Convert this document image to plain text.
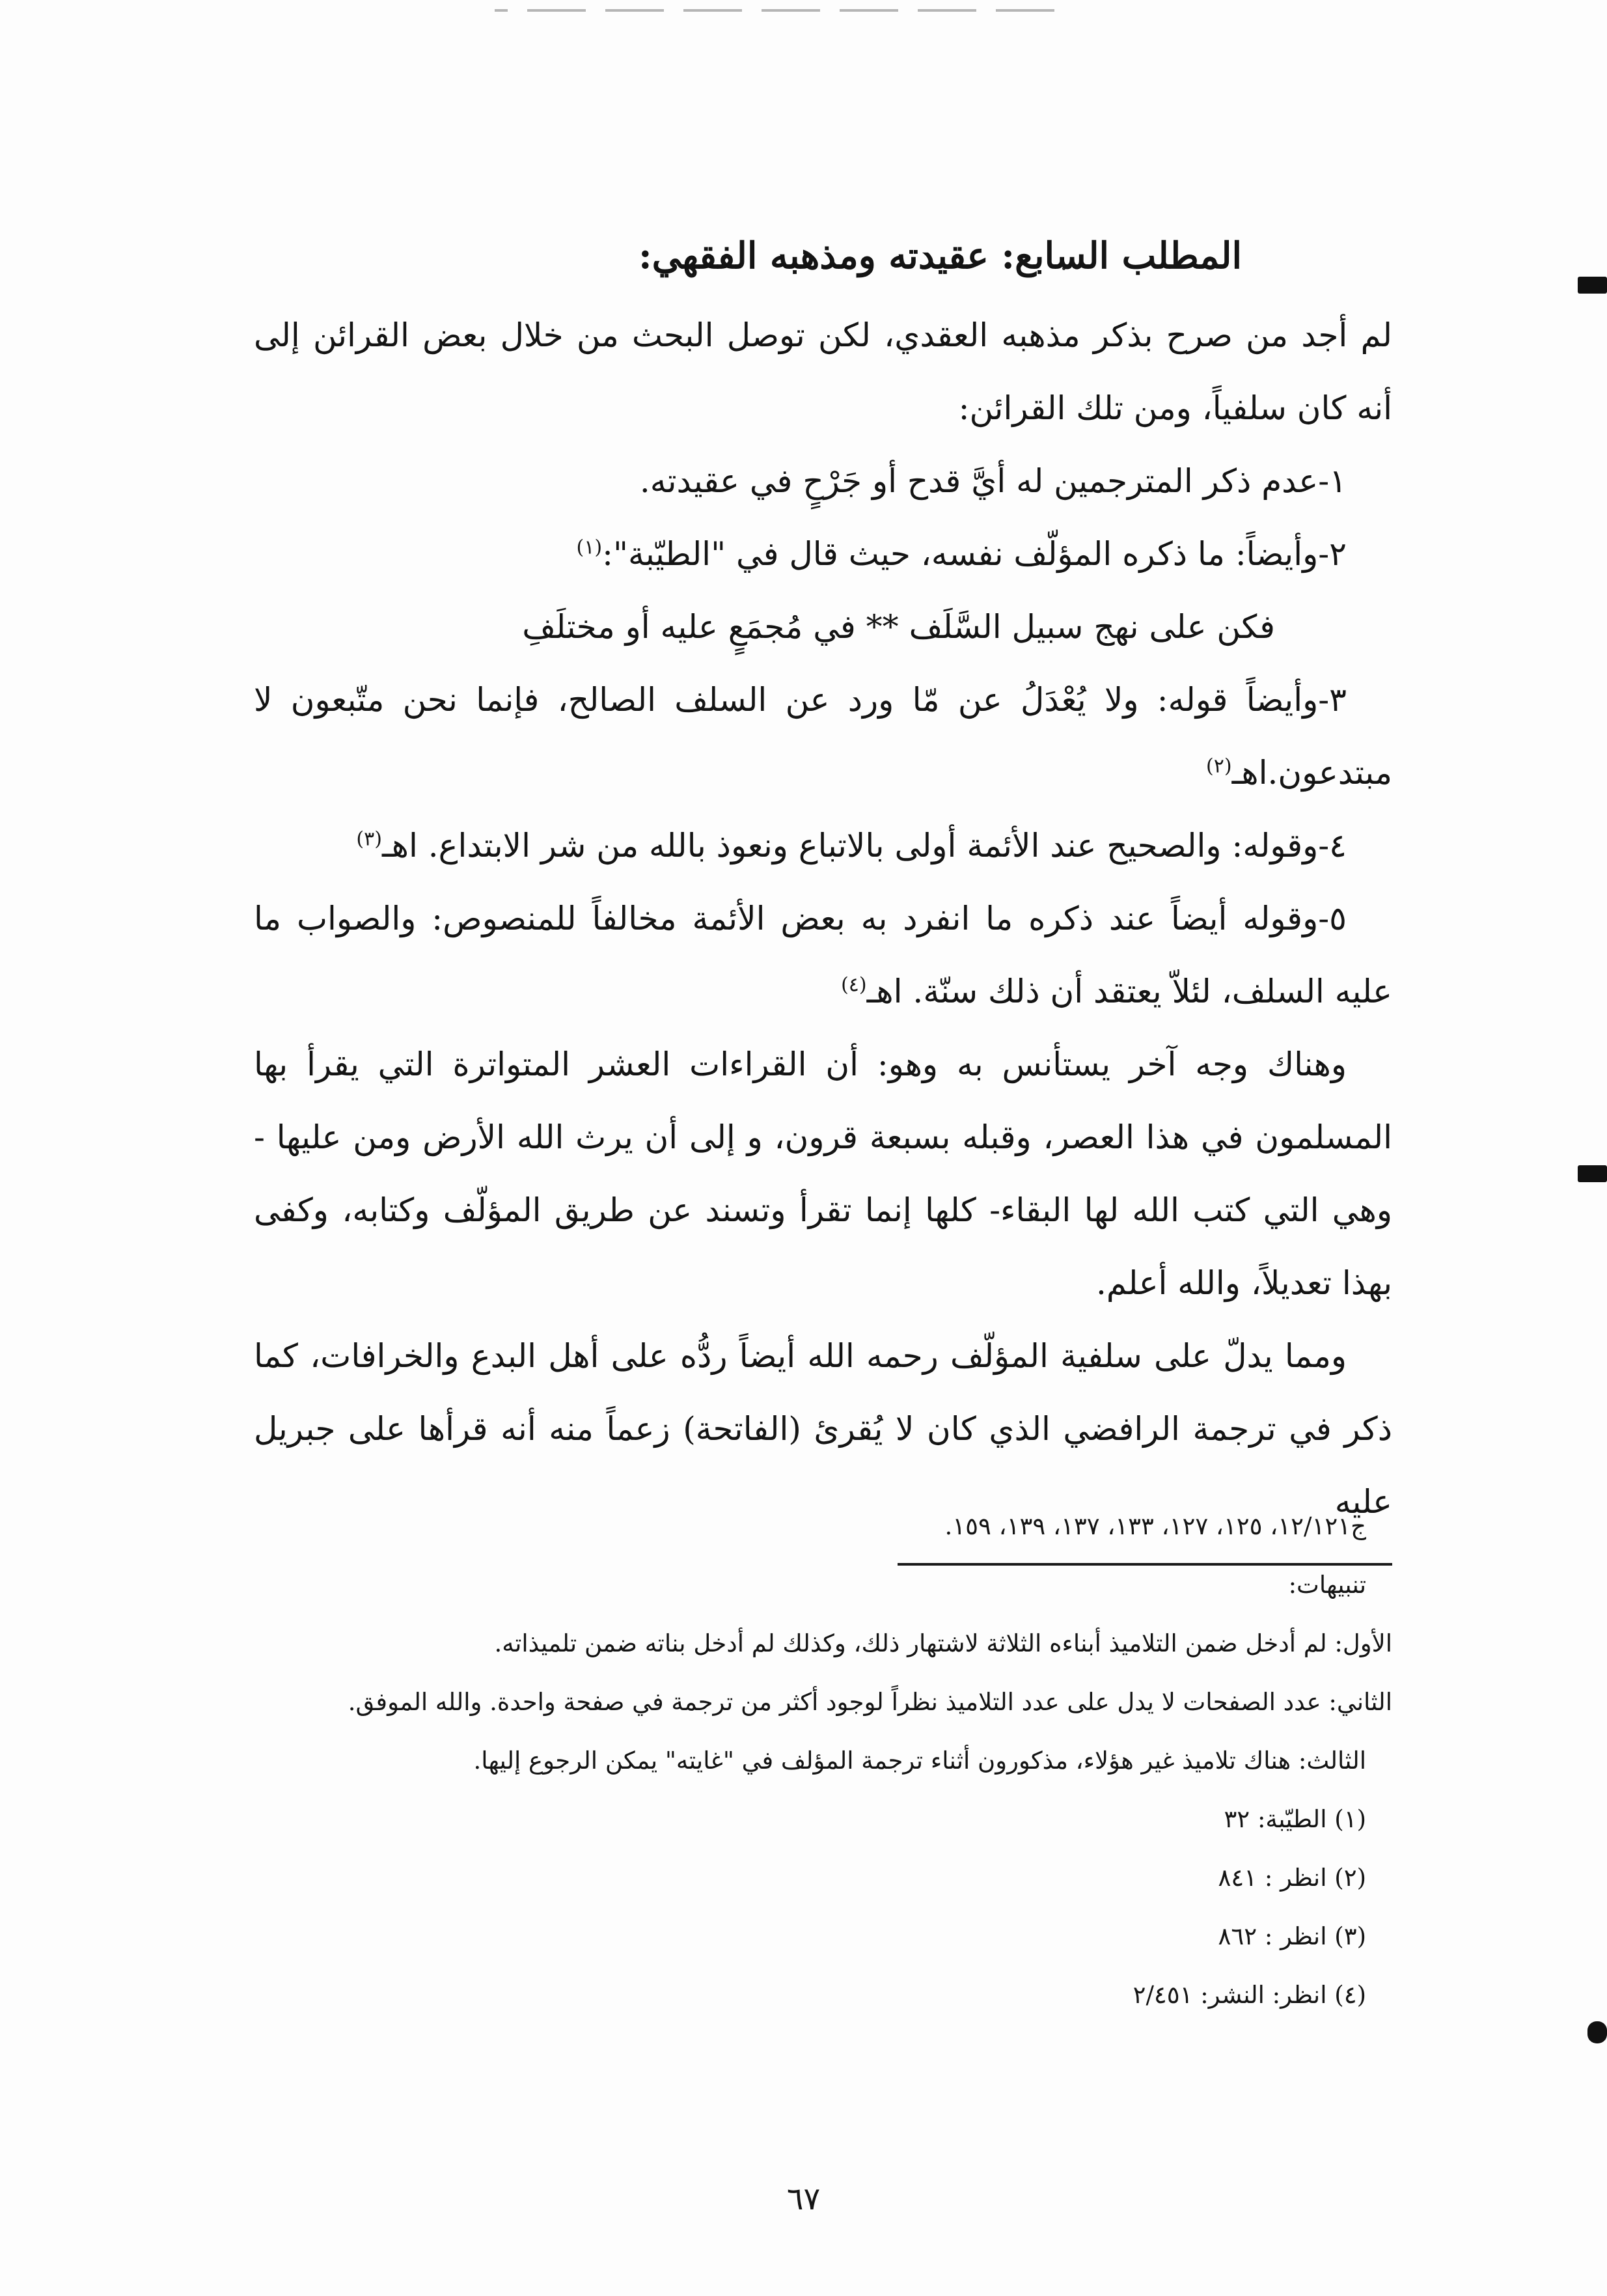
المطلب السابع: عقيدته ومذهبه الفقهي:

لم أجد من صرح بذكر مذهبه العقدي، لكن توصل البحث من خلال بعض القرائن إلى أنه كان سلفياً، ومن تلك القرائن:

١-عدم ذكر المترجمين له أيَّ قدح أو جَرْحٍ في عقيدته.

٢-وأيضاً: ما ذكره المؤلّف نفسه، حيث قال في "الطيّبة":$^{(١)}$

فكن على نهج سبيل السَّلَف ** في مُجمَعٍ عليه أو مختلَفِ

٣-وأيضاً قوله: ولا يُعْدَلُ عن مّا ورد عن السلف الصالح، فإنما نحن متّبعون لا مبتدعون.اهـ$^{(٢)}$

٤-وقوله: والصحيح عند الأئمة أولى بالاتباع ونعوذ بالله من شر الابتداع. اهـ$^{(٣)}$

٥-وقوله أيضاً عند ذكره ما انفرد به بعض الأئمة مخالفاً للمنصوص: والصواب ما عليه السلف، لئلاّ يعتقد أن ذلك سنّة. اهـ$^{(٤)}$

وهناك وجه آخر يستأنس به وهو: أن القراءات العشر المتواترة التي يقرأ بها المسلمون في هذا العصر، وقبله بسبعة قرون، و إلى أن يرث الله الأرض ومن عليها - وهي التي كتب الله لها البقاء- كلها إنما تقرأ وتسند عن طريق المؤلّف وكتابه، وكفى بهذا تعديلاً، والله أعلم.

ومما يدلّ على سلفية المؤلّف رحمه الله أيضاً ردُّه على أهل البدع والخرافات، كما ذكر في ترجمة الرافضي الذي كان لا يُقرئ (الفاتحة) زعماً منه أنه قرأها على جبريل عليه

ج١٢/١٢١، ١٢٥، ١٢٧، ١٣٣، ١٣٧، ١٣٩، ١٥٩.

تنبيهات:

الأول: لم أدخل ضمن التلاميذ أبناءه الثلاثة لاشتهار ذلك، وكذلك لم أدخل بناته ضمن تلميذاته.

الثاني: عدد الصفحات لا يدل على عدد التلاميذ نظراً لوجود أكثر من ترجمة في صفحة واحدة. والله الموفق.

الثالث: هناك تلاميذ غير هؤلاء، مذكورون أثناء ترجمة المؤلف في "غايته" يمكن الرجوع إليها.

(١) الطيّبة: ٣٢

(٢) انظر : ٨٤١

(٣) انظر : ٨٦٢

(٤) انظر: النشر: ٢/٤٥١

٦٧
